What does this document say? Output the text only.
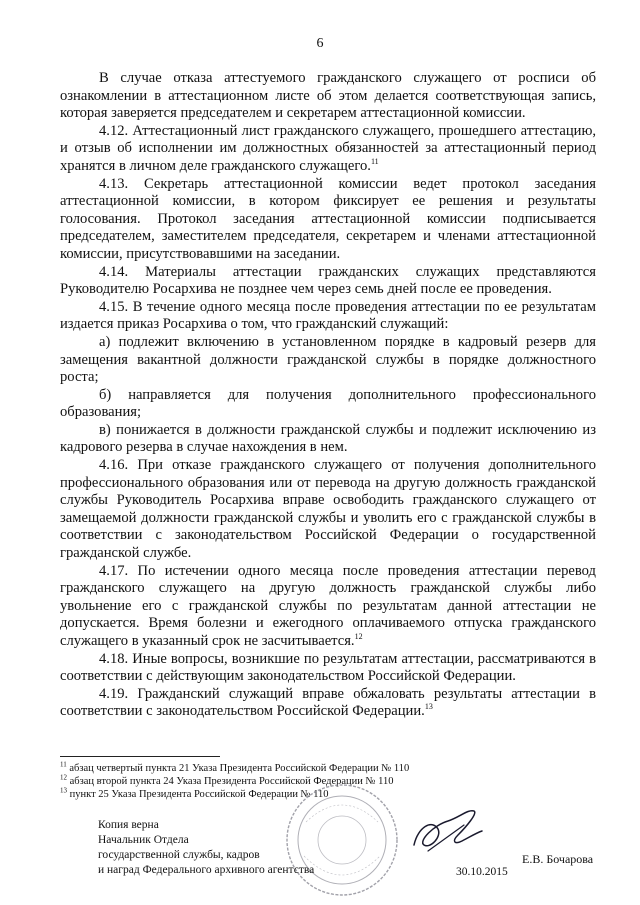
6

В случае отказа аттестуемого гражданского служащего от росписи об ознакомлении в аттестационном листе об этом делается соответствующая запись, которая заверяется председателем и секретарем аттестационной комиссии.

4.12. Аттестационный лист гражданского служащего, прошедшего аттестацию, и отзыв об исполнении им должностных обязанностей за аттестационный период хранятся в личном деле гражданского служащего.$^{11}$

4.13. Секретарь аттестационной комиссии ведет протокол заседания аттестационной комиссии, в котором фиксирует ее решения и результаты голосования. Протокол заседания аттестационной комиссии подписывается председателем, заместителем председателя, секретарем и членами аттестационной комиссии, присутствовавшими на заседании.

4.14. Материалы аттестации гражданских служащих представляются Руководителю Росархива не позднее чем через семь дней после ее проведения.

4.15. В течение одного месяца после проведения аттестации по ее результатам издается приказ Росархива о том, что гражданский служащий:

а) подлежит включению в установленном порядке в кадровый резерв для замещения вакантной должности гражданской службы в порядке должностного роста;

б) направляется для получения дополнительного профессионального образования;

в) понижается в должности гражданской службы и подлежит исключению из кадрового резерва в случае нахождения в нем.

4.16. При отказе гражданского служащего от получения дополнительного профессионального образования или от перевода на другую должность гражданской службы Руководитель Росархива вправе освободить гражданского служащего от замещаемой должности гражданской службы и уволить его с гражданской службы в соответствии с законодательством Российской Федерации о государственной гражданской службе.

4.17. По истечении одного месяца после проведения аттестации перевод гражданского служащего на другую должность гражданской службы либо увольнение его с гражданской службы по результатам данной аттестации не допускается. Время болезни и ежегодного оплачиваемого отпуска гражданского служащего в указанный срок не засчитывается.$^{12}$

4.18. Иные вопросы, возникшие по результатам аттестации, рассматриваются в соответствии с действующим законодательством Российской Федерации.

4.19. Гражданский служащий вправе обжаловать результаты аттестации в соответствии с законодательством Российской Федерации.$^{13}$

$^{11}$ абзац четвертый пункта 21 Указа Президента Российской Федерации № 110
$^{12}$ абзац второй пункта 24 Указа Президента Российской Федерации № 110
$^{13}$ пункт 25 Указа Президента Российской Федерации № 110
Копия верна
Начальник Отдела
государственной службы, кадров
и наград Федерального архивного агентства	30.10.2015
Е.В. Бочарова
